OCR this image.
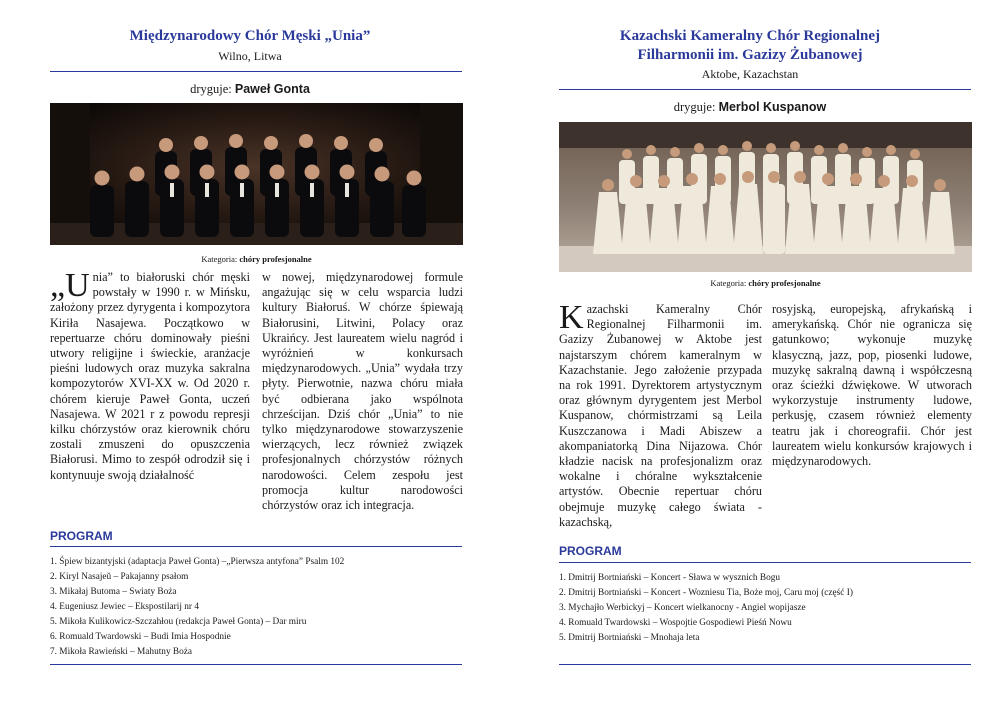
Międzynarodowy Chór Męski „Unia”
Wilno, Litwa
dryguje: Paweł Gonta
Kategoria: chóry profesjonalne
„Unia” to białoruski chór męski powstały w 1990 r. w Mińsku, założony przez dyrygenta i kompozytora Kiriła Nasajewa. Początkowo w repertuarze chóru dominowały pieśni utwory religijne i świeckie, aranżacje pieśni ludowych oraz muzyka sakralna kompozytorów XVI-XX w. Od 2020 r. chórem kieruje Paweł Gonta, uczeń Nasajewa. W 2021 r z powodu represji kilku chórzystów oraz kierownik chóru zostali zmuszeni do opuszczenia Białorusi. Mimo to zespół odrodził się i kontynuuje swoją działalność
w nowej, międzynarodowej formule angażując się w celu wsparcia ludzi kultury Białoruś. W chórze śpiewają Białorusini, Litwini, Polacy oraz Ukraińcy. Jest laureatem wielu nagród i wyróżnień w konkursach międzynarodowych. „Unia” wydała trzy płyty. Pierwotnie, nazwa chóru miała być odbierana jako wspólnota chrześcijan. Dziś chór „Unia” to nie tylko międzynarodowe stowarzyszenie wierzących, lecz również związek profesjonalnych chórzystów różnych narodowości. Celem zespołu jest promocja kultur narodowości chórzystów oraz ich integracja.
PROGRAM
1. Śpiew bizantyjski (adaptacja Paweł Gonta) –„Pierwsza antyfona” Psalm 102
2. Kiryl Nasajeŭ – Pakajanny psałom
3. Mikałaj Butoma – Swiaty Boża
4. Eugeniusz Jewiec – Ekspostilarij nr 4
5. Mikoła Kulikowicz-Szczahłou (redakcja Paweł Gonta) – Dar miru
6. Romuald Twardowski – Budi Imia Hospodnie
7. Mikoła Rawieński – Mahutny Boża
Kazachski Kameralny Chór Regionalnej
Filharmonii im. Gazizy Żubanowej
Aktobe, Kazachstan
dryguje: Merbol Kuspanow
Kategoria: chóry profesjonalne
Kazachski Kameralny Chór Regionalnej Filharmonii im. Gazizy Żubanowej w Aktobe jest najstarszym chórem kameralnym w Kazachstanie. Jego założenie przypada na rok 1991. Dyrektorem artystycznym oraz głównym dyrygentem jest Merbol Kuspanow, chórmistrzami są Leila Kuszczanowa i Madi Abiszew a akompaniatorką Dina Nijazowa. Chór kładzie nacisk na profesjonalizm oraz wokalne i chóralne wykształcenie artystów. Obecnie repertuar chóru obejmuje muzykę całego świata - kazachską,
rosyjską, europejską, afrykańską i amerykańską. Chór nie ogranicza się gatunkowo; wykonuje muzykę klasyczną, jazz, pop, piosenki ludowe, muzykę sakralną dawną i współczesną oraz ścieżki dźwiękowe. W utworach wykorzystuje instrumenty ludowe, perkusję, czasem również elementy teatru jak i choreografii. Chór jest laureatem wielu konkursów krajowych i międzynarodowych.
PROGRAM
1. Dmitrij Bortniański – Koncert - Sława w wysznich Bogu
2. Dmitrij Bortniański – Koncert - Wozniesu Tia, Boże moj, Caru moj (część I)
3. Mychajło Werbickyj – Koncert wielkanocny - Angiel wopijasze
4. Romuald Twardowski – Wospojtie Gospodiewi Pieśń Nowu
5. Dmitrij Bortniański – Mnohaja leta
